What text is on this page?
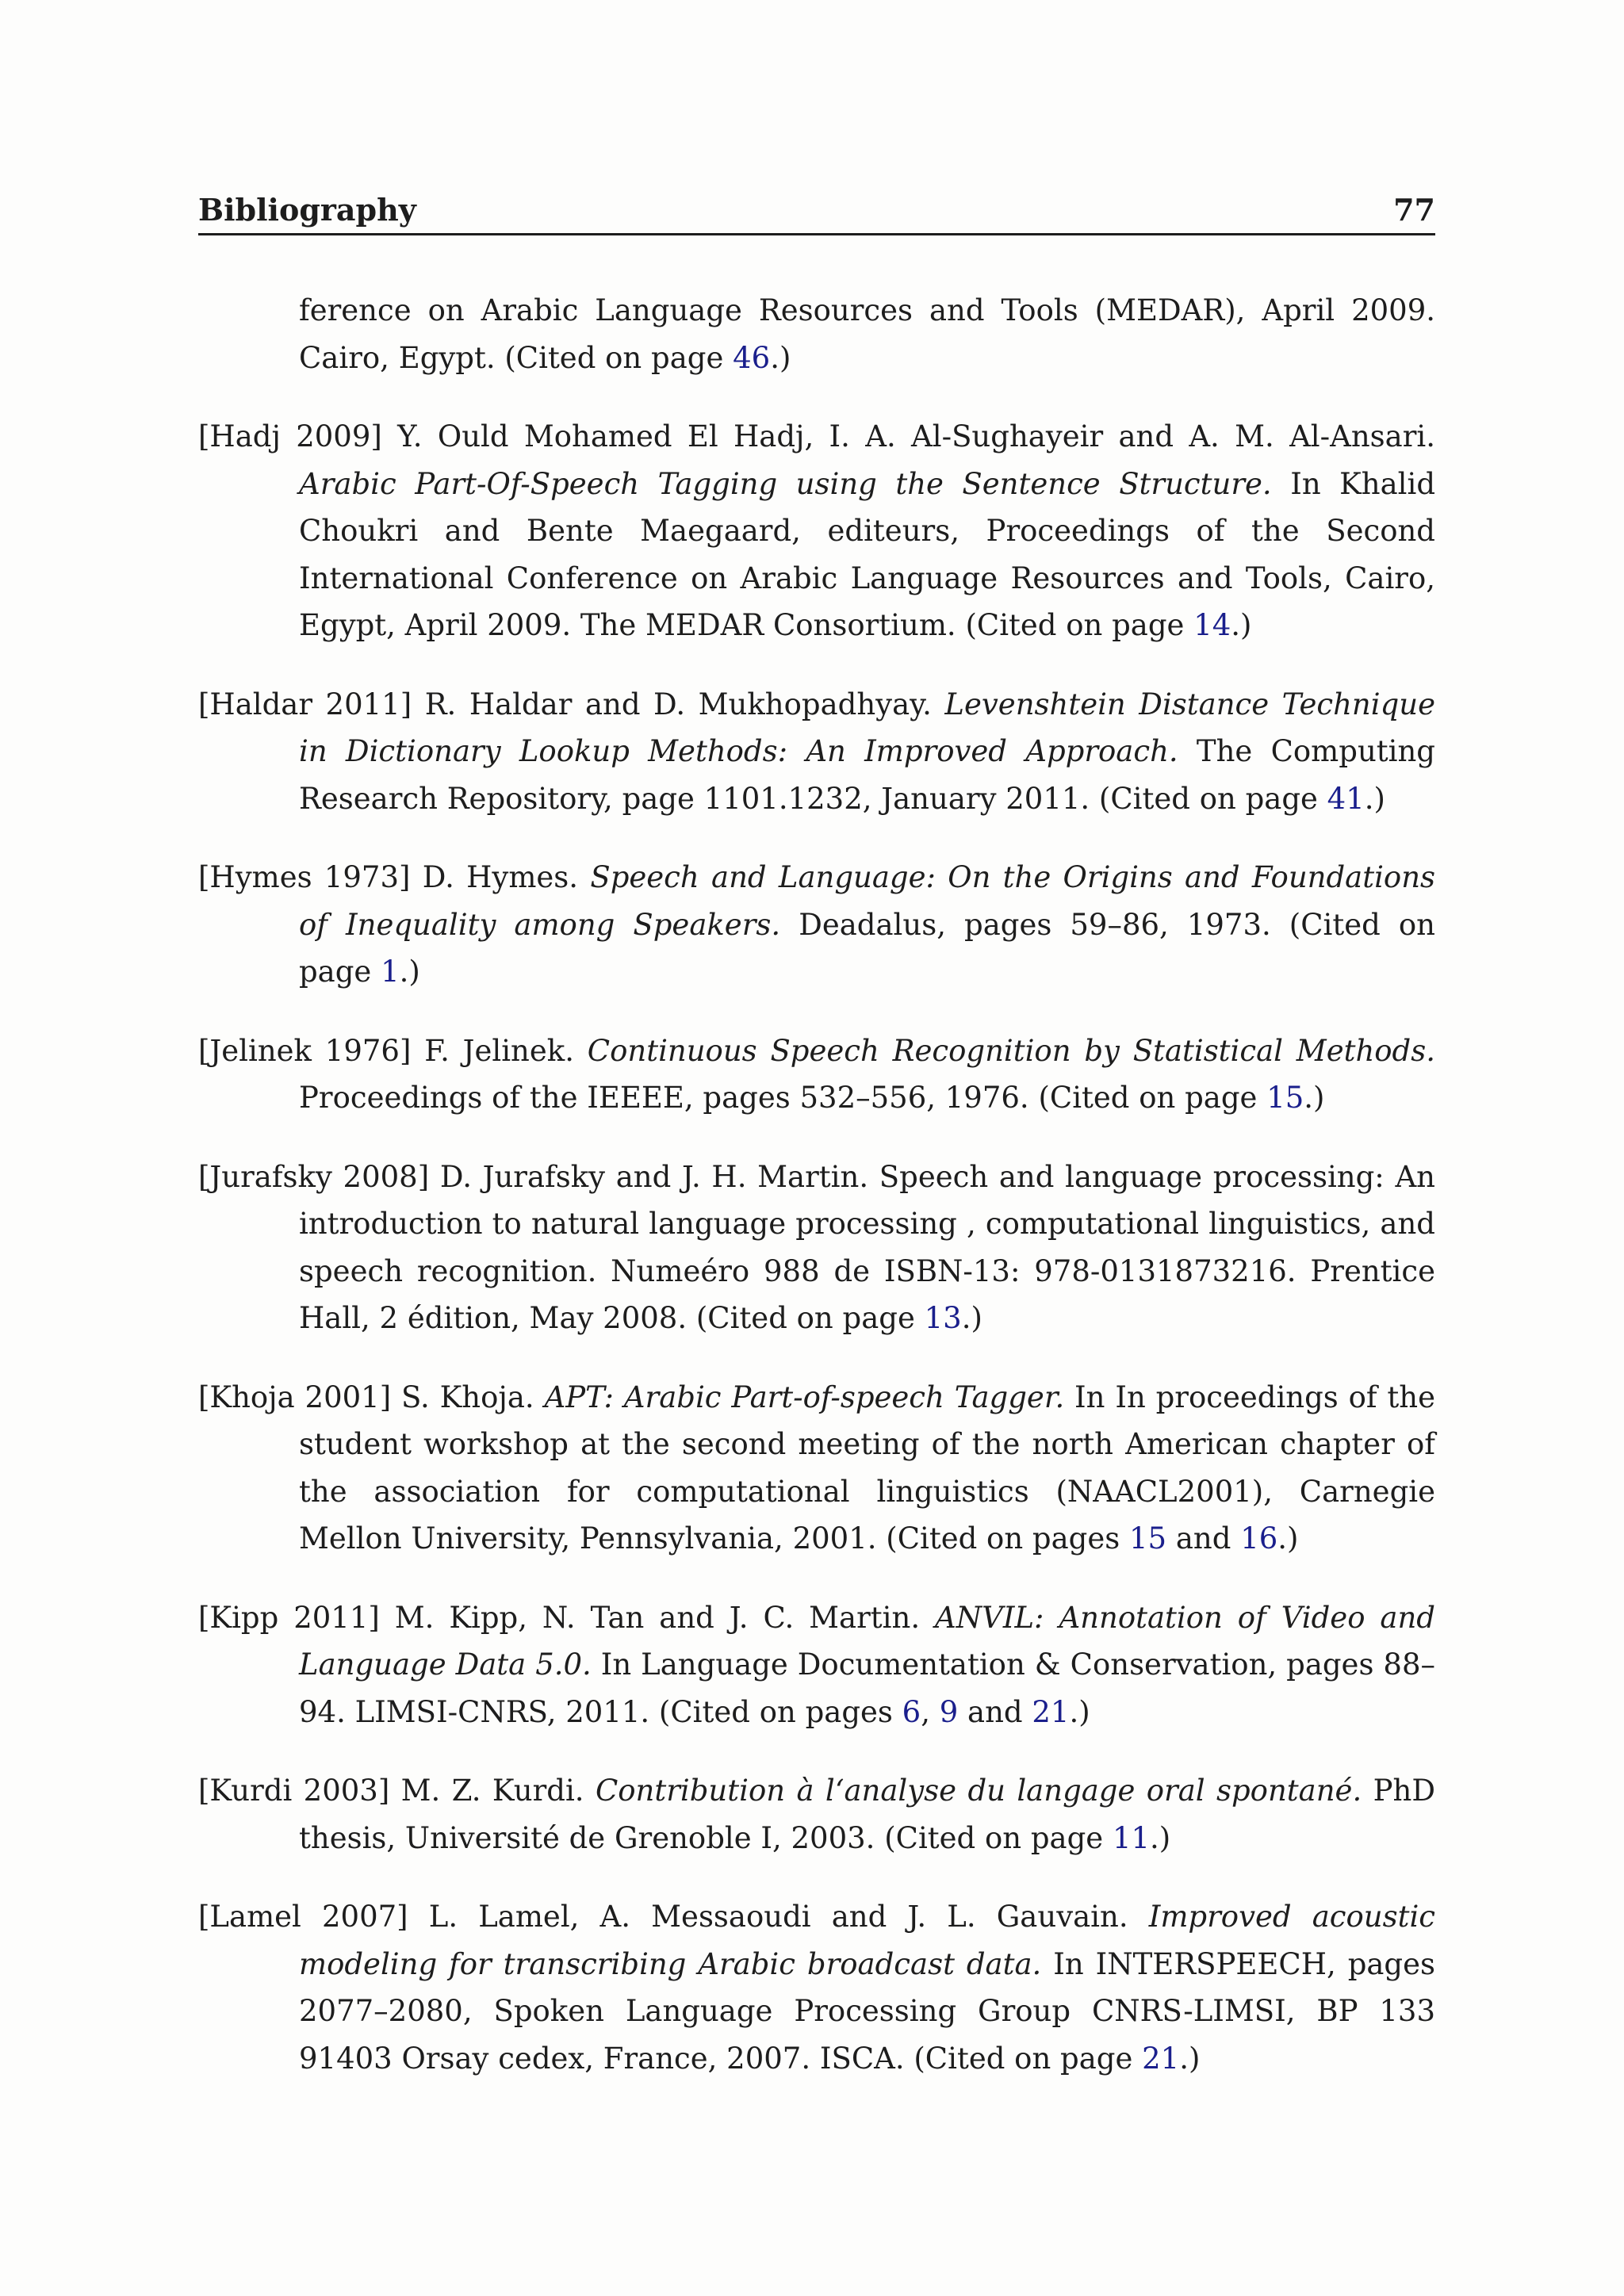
Bibliography	77

ference on Arabic Language Resources and Tools (MEDAR), April 2009. Cairo, Egypt. (Cited on page 46.)

[Hadj 2009] Y. Ould Mohamed El Hadj, I. A. Al-Sughayeir and A. M. Al-Ansari. Arabic Part-Of-Speech Tagging using the Sentence Structure. In Khalid Choukri and Bente Maegaard, editeurs, Proceedings of the Second International Conference on Arabic Language Resources and Tools, Cairo, Egypt, April 2009. The MEDAR Consortium. (Cited on page 14.)

[Haldar 2011] R. Haldar and D. Mukhopadhyay. Levenshtein Distance Technique in Dictionary Lookup Methods: An Improved Approach. The Computing Research Repository, page 1101.1232, January 2011. (Cited on page 41.)

[Hymes 1973] D. Hymes. Speech and Language: On the Origins and Foundations of Inequality among Speakers. Deadalus, pages 59–86, 1973. (Cited on page 1.)

[Jelinek 1976] F. Jelinek. Continuous Speech Recognition by Statistical Methods. Proceedings of the IEEEE, pages 532–556, 1976. (Cited on page 15.)

[Jurafsky 2008] D. Jurafsky and J. H. Martin. Speech and language processing: An introduction to natural language processing , computational linguistics, and speech recognition. Numeéro 988 de ISBN-13: 978-0131873216. Prentice Hall, 2 édition, May 2008. (Cited on page 13.)

[Khoja 2001] S. Khoja. APT: Arabic Part-of-speech Tagger. In In proceedings of the student workshop at the second meeting of the north American chapter of the association for computational linguistics (NAACL2001), Carnegie Mellon University, Pennsylvania, 2001. (Cited on pages 15 and 16.)

[Kipp 2011] M. Kipp, N. Tan and J. C. Martin. ANVIL: Annotation of Video and Language Data 5.0. In Language Documentation & Conservation, pages 88–94. LIMSI-CNRS, 2011. (Cited on pages 6, 9 and 21.)

[Kurdi 2003] M. Z. Kurdi. Contribution à l‘analyse du langage oral spontané. PhD thesis, Université de Grenoble I, 2003. (Cited on page 11.)

[Lamel 2007] L. Lamel, A. Messaoudi and J. L. Gauvain. Improved acoustic modeling for transcribing Arabic broadcast data. In INTERSPEECH, pages 2077–2080, Spoken Language Processing Group CNRS-LIMSI, BP 133 91403 Orsay cedex, France, 2007. ISCA. (Cited on page 21.)
